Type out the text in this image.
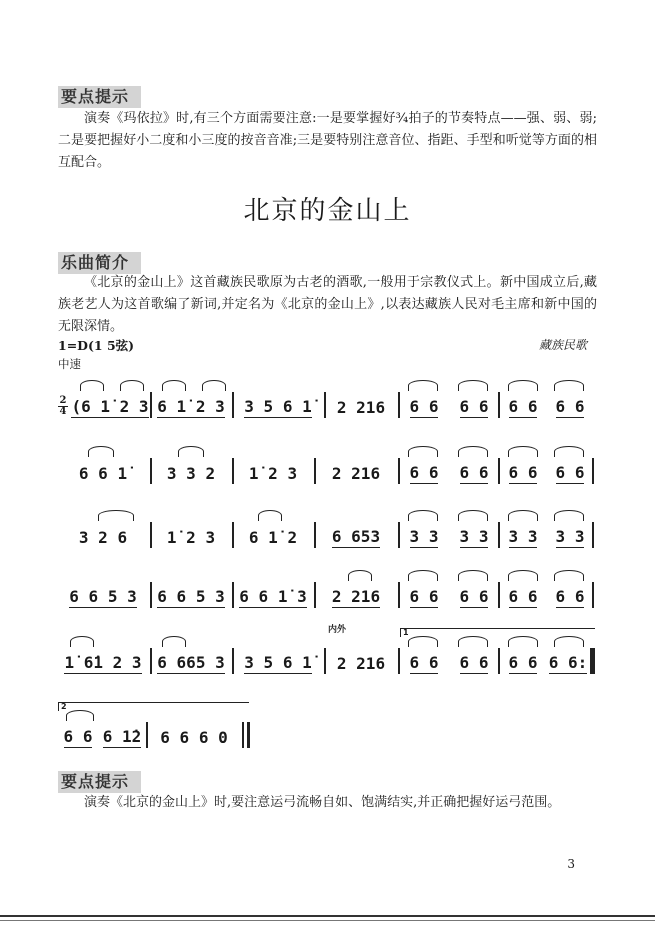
要点提示
演奏《玛依拉》时,有三个方面需要注意:一是要掌握好¾拍子的节奏特点——强、弱、弱;二是要把握好小二度和小三度的按音音准;三是要特别注意音位、指距、手型和听觉等方面的相互配合。
北京的金山上
乐曲简介
《北京的金山上》这首藏族民歌原为古老的酒歌,一般用于宗教仪式上。新中国成立后,藏族老艺人为这首歌编了新词,并定名为《北京的金山上》,以表达藏族人民对毛主席和新中国的无限深情。
1=D(1 5弦)	藏族民歌
中速
2
4 (6 1̇ 2 3 6 1̇ 2 3 3 5 6 1̇ 2 216 6 6 6 6 6 6 6 6
6 6 1̇ 3 3 2 1̇ 2 3 2 216 6 6 6 6 6 6 6 6
3 2 6 1̇ 2 3 6 1̇ 2 6 653 3 3 3 3 3 3 3 3
6 6 5 3 6 6 5 3 6 6 1̇ 3 2 216 6 6 6 6 6 6 6 6
内外	1
1̇ 6̇1 2 3 6 665 3 3 5 6 1̇ 2 216 6 6 6 6 6 6 6 6:
2
6 6 6 1̇2 6 6 6 0
要点提示
演奏《北京的金山上》时,要注意运弓流畅自如、饱满结实,并正确把握好运弓范围。
3
